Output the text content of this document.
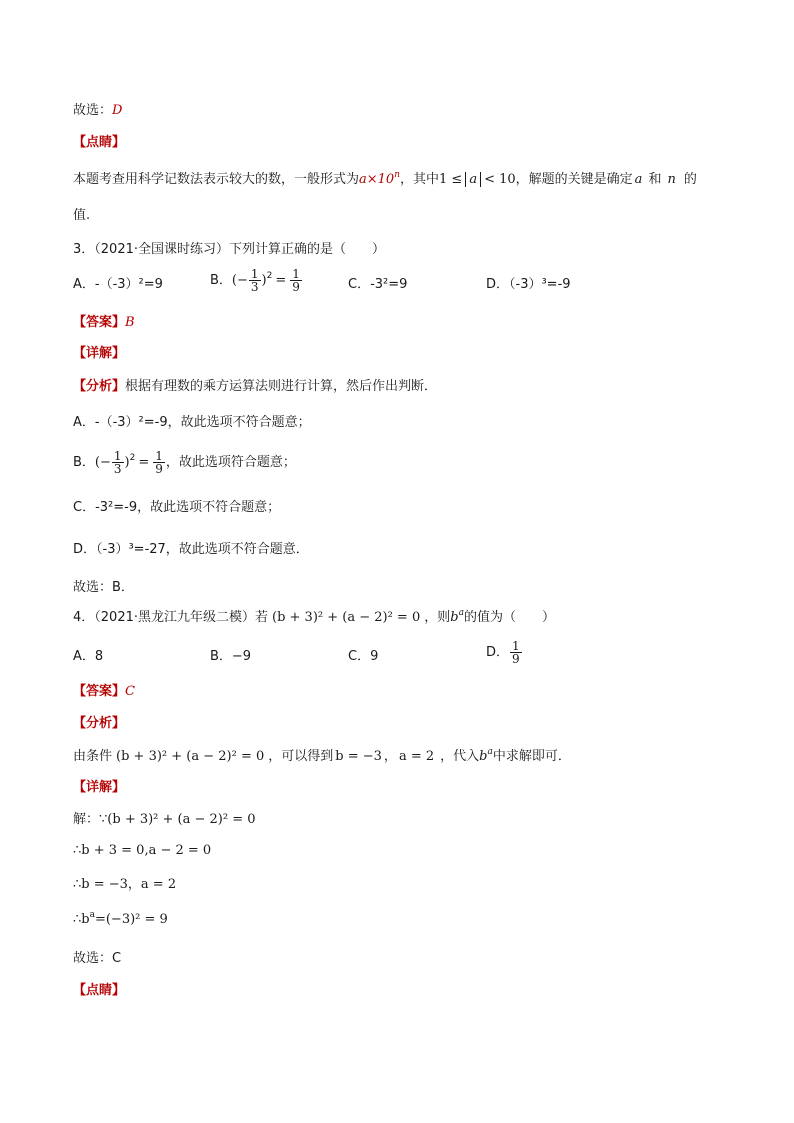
故选：D
【点睛】
本题考查用科学记数法表示较大的数，一般形式为$a\times 10^n$，其中1 ≤ a < 10，解题的关键是确定 a 和 n 的
值.
3．（2021·全国课时练习）下列计算正确的是（　　）
A．-（-3）²=9	B．(− $\frac{1}{3} )^2 = \frac{1}{9}$	C．-3²=9	D．（-3）³=-9
【答案】B
【详解】
【分析】根据有理数的乘方运算法则进行计算，然后作出判断．
A．-（-3）²=-9，故此选项不符合题意；
B．(− $\frac{1}{3} )^2 = \frac{1}{9}$ ，故此选项符合题意；
C．-3²=-9，故此选项不符合题意；
D．（-3）³=-27，故此选项不符合题意．
故选：B．
4．（2021·黑龙江九年级二模）若 (b + 3)² + (a − 2)² = 0 ，则$b^a$的值为（　　）
A．8	B．−9	C．9	D． $\frac{1}{9}$
【答案】C
【分析】
由条件 (b + 3)² + (a − 2)² = 0 ，可以得到 b = −3 ， a = 2 ，代入$b^a$中求解即可．
【详解】
解：∵(b + 3)² + (a − 2)² = 0
∴b + 3 = 0,a − 2 = 0
∴b = −3，a = 2
$\therefore b^a=(-3)^2 = 9$
故选：C
【点睛】
